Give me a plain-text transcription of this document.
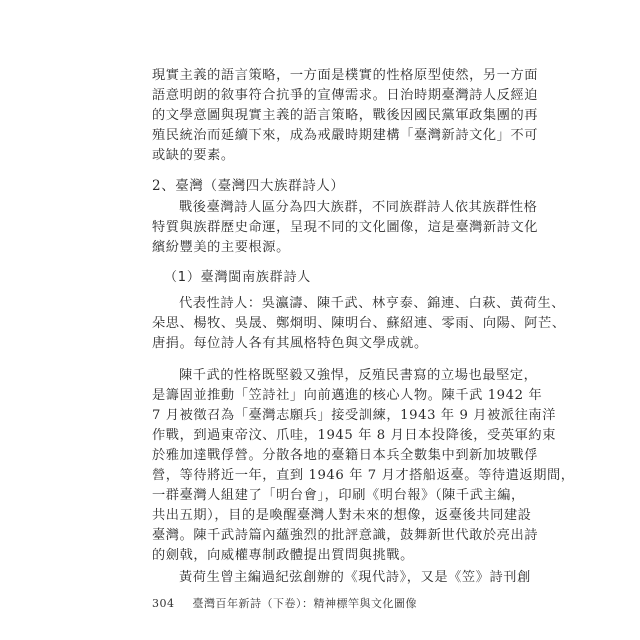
現實主義的語言策略，一方面是樸實的性格原型使然，另一方面
語意明朗的敘事符合抗爭的宣傳需求。日治時期臺灣詩人反經迫
的文學意圖與現實主義的語言策略，戰後因國民黨軍政集團的再
殖民統治而延續下來，成為戒嚴時期建構「臺灣新詩文化」不可
或缺的要素。
2、臺灣（臺灣四大族群詩人）
戰後臺灣詩人區分為四大族群，不同族群詩人依其族群性格
特質與族群歷史命運，呈現不同的文化圖像，這是臺灣新詩文化
繽紛豐美的主要根源。
（1）臺灣閩南族群詩人
代表性詩人：吳瀛濤、陳千武、林亨泰、錦連、白萩、黃荷生、
朵思、楊牧、吳晟、鄭烱明、陳明台、蘇紹連、零雨、向陽、阿芒、
唐捐。每位詩人各有其風格特色與文學成就。
陳千武的性格既堅毅又強悍，反殖民書寫的立場也最堅定，
是籌固並推動「笠詩社」向前邁進的核心人物。陳千武 1942 年
7 月被徵召為「臺灣志願兵」接受訓練，1943 年 9 月被派往南洋
作戰，到過東帝汶、爪哇，1945 年 8 月日本投降後，受英軍約束
於雅加達戰俘營。分散各地的臺籍日本兵全數集中到新加坡戰俘
營，等待將近一年，直到 1946 年 7 月才搭船返臺。等待遣返期間，
一群臺灣人組建了「明台會」，印刷《明台報》（陳千武主編，
共出五期），目的是喚醒臺灣人對未來的想像，返臺後共同建設
臺灣。陳千武詩篇內蘊強烈的批評意識，鼓舞新世代敢於亮出詩
的劍戟，向威權專制政體提出質問與挑戰。
黃荷生曾主編過紀弦創辦的《現代詩》，又是《笠》詩刊創
304 臺灣百年新詩（下卷）：精神標竿與文化圖像
